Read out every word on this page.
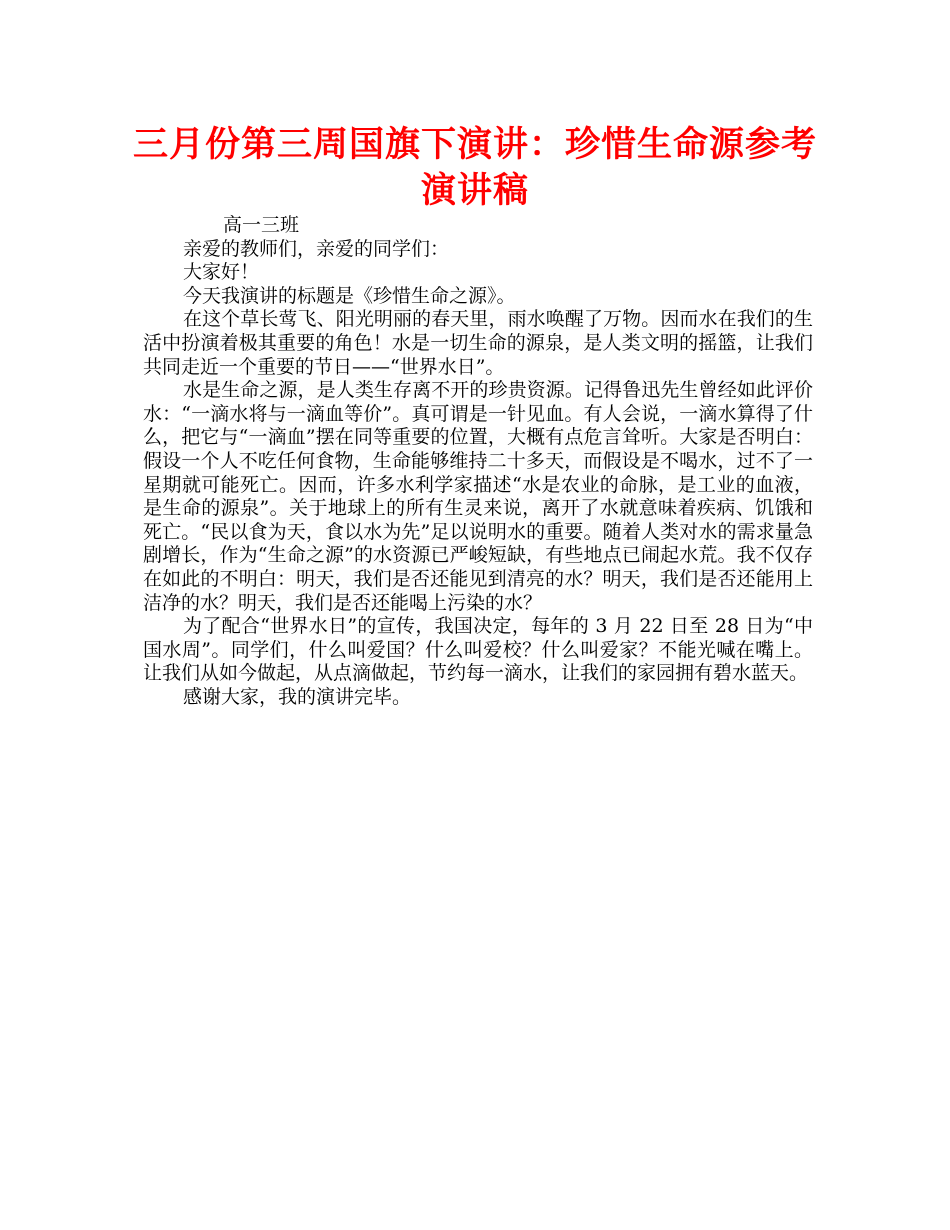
三月份第三周国旗下演讲：珍惜生命源参考演讲稿

高一三班

亲爱的教师们，亲爱的同学们：

大家好！

今天我演讲的标题是《珍惜生命之源》。

在这个草长莺飞、阳光明丽的春天里，雨水唤醒了万物。因而水在我们的生活中扮演着极其重要的角色！水是一切生命的源泉，是人类文明的摇篮，让我们共同走近一个重要的节日——“世界水日”。

水是生命之源，是人类生存离不开的珍贵资源。记得鲁迅先生曾经如此评价水：“一滴水将与一滴血等价”。真可谓是一针见血。有人会说，一滴水算得了什么，把它与“一滴血”摆在同等重要的位置，大概有点危言耸听。大家是否明白：假设一个人不吃任何食物，生命能够维持二十多天，而假设是不喝水，过不了一星期就可能死亡。因而，许多水利学家描述“水是农业的命脉，是工业的血液，是生命的源泉”。关于地球上的所有生灵来说，离开了水就意味着疾病、饥饿和死亡。“民以食为天，食以水为先”足以说明水的重要。随着人类对水的需求量急剧增长，作为“生命之源”的水资源已严峻短缺，有些地点已闹起水荒。我不仅存在如此的不明白：明天，我们是否还能见到清亮的水？明天，我们是否还能用上洁净的水？明天，我们是否还能喝上污染的水？

为了配合“世界水日”的宣传，我国决定，每年的 3 月 22 日至 28 日为“中国水周”。同学们，什么叫爱国？什么叫爱校？什么叫爱家？不能光喊在嘴上。让我们从如今做起，从点滴做起，节约每一滴水，让我们的家园拥有碧水蓝天。

感谢大家，我的演讲完毕。
